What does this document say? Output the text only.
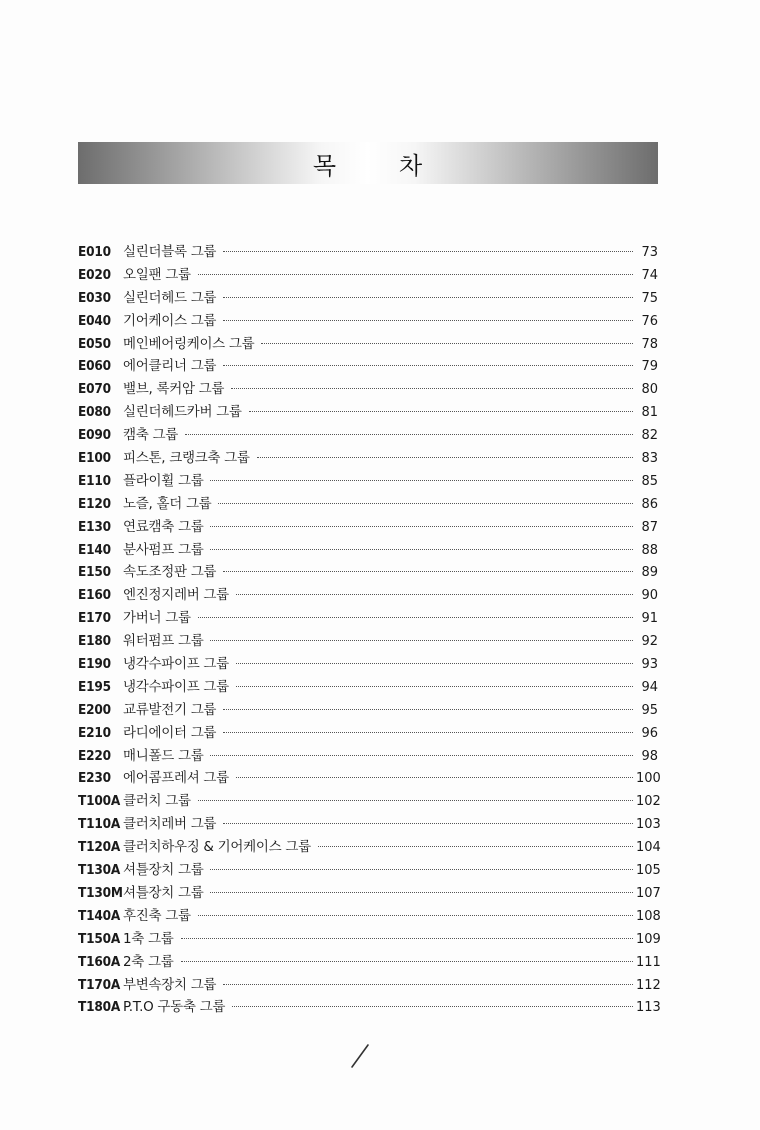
목	차
E010 실린더블록 그룹	73
E020 오일팬 그룹	74
E030 실린더헤드 그룹	75
E040 기어케이스 그룹	76
E050 메인베어링케이스 그룹	78
E060 에어클리너 그룹	79
E070 밸브, 록커암 그룹	80
E080 실린더헤드카버 그룹	81
E090 캠축 그룹	82
E100 피스톤, 크랭크축 그룹	83
E110 플라이휠 그룹	85
E120 노즐, 홀더 그룹	86
E130 연료캠축 그룹	87
E140 분사펌프 그룹	88
E150 속도조정판 그룹	89
E160 엔진정지레버 그룹	90
E170 가버너 그룹	91
E180 워터펌프 그룹	92
E190 냉각수파이프 그룹	93
E195 냉각수파이프 그룹	94
E200 교류발전기 그룹	95
E210 라디에이터 그룹	96
E220 매니폴드 그룹	98
E230 에어콤프레셔 그룹	100
T100A 클러치 그룹	102
T110A 클러치레버 그룹	103
T120A 클러치하우징 & 기어케이스 그룹	104
T130A 셔틀장치 그룹	105
T130M 셔틀장치 그룹	107
T140A 후진축 그룹	108
T150A 1축 그룹	109
T160A 2축 그룹	111
T170A 부변속장치 그룹	112
T180A P.T.O 구동축 그룹	113
